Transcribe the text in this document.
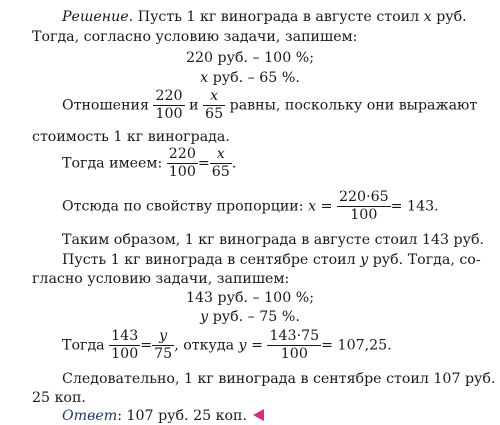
Решение. Пусть 1 кг винограда в августе стоил x руб.
Тогда, согласно условию задачи, запишем:
220 руб. – 100 %;
x руб. – 65 %.
Отношения $\frac{220}{100}$ и $\frac{x}{65}$ равны, поскольку они выражают
стоимость 1 кг винограда.
Тогда имеем: $\frac{220}{100} = \frac{x}{65}$ .
Отсюда по свойству пропорции: $x = \frac{220\cdot 65}{100} = 143$.
Таким образом, 1 кг винограда в августе стоил 143 руб.
Пусть 1 кг винограда в сентябре стоил y руб. Тогда, со-
гласно условию задачи, запишем:
143 руб. – 100 %;
y руб. – 75 %.
Тогда $\frac{143}{100} = \frac{y}{75}$ , откуда $y = \frac{143\cdot 75}{100} = 107,25$.
Следовательно, 1 кг винограда в сентябре стоил 107 руб.
25 коп.
Ответ: 107 руб. 25 коп.
